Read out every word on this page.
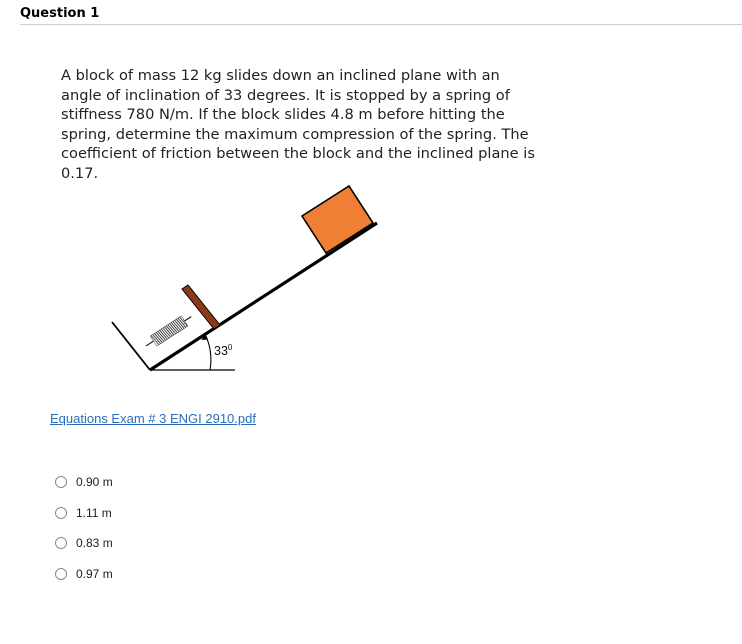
Question 1
A block of mass 12 kg slides down an inclined plane with an
angle of inclination of 33 degrees. It is stopped by a spring of
stiffness 780 N/m. If the block slides 4.8 m before hitting the
spring, determine the maximum compression of the spring. The
coefficient of friction between the block and the inclined plane is
0.17.
$33^0$
Equations Exam # 3 ENGI 2910.pdf
0.90 m
1.11 m
0.83 m
0.97 m
